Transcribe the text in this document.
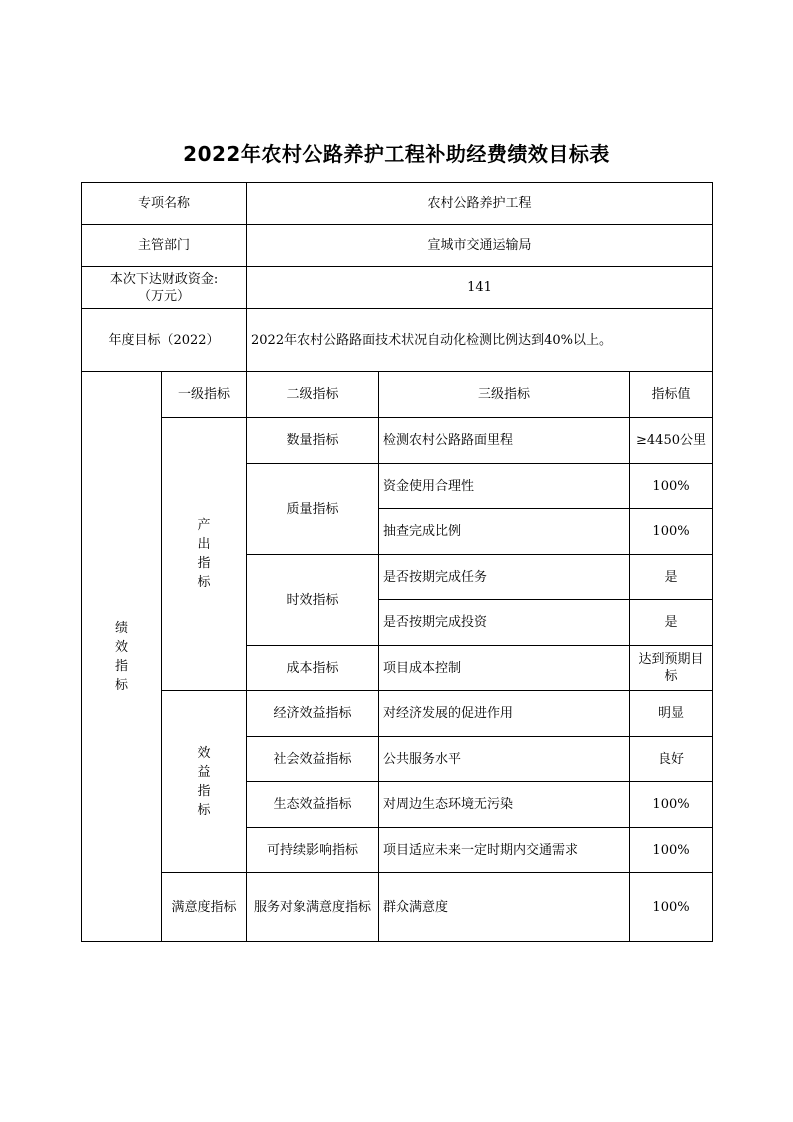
2022年农村公路养护工程补助经费绩效目标表
专项名称		农村公路养护工程		
主管部门		宣城市交通运输局		

本次下达财政资金:
（万元）		141		
年度目标（2022）		2022年农村公路路面技术状况自动化检测比例达到40%以上。		
绩效指标	一级指标	二级指标	三级指标	指标值
	产出指标	数量指标	检测农村公路路面里程	≥4450公里
		质量指标	资金使用合理性	100%
			抽查完成比例	100%
		时效指标	是否按期完成任务	是
			是否按期完成投资	是
		成本指标	项目成本控制	达到预期目标
	效益指标	经济效益指标	对经济发展的促进作用	明显
		社会效益指标	公共服务水平	良好
		生态效益指标	对周边生态环境无污染	100%
		可持续影响指标	项目适应未来一定时期内交通需求	100%
	满意度指标	服务对象满意度指标	群众满意度	100%
